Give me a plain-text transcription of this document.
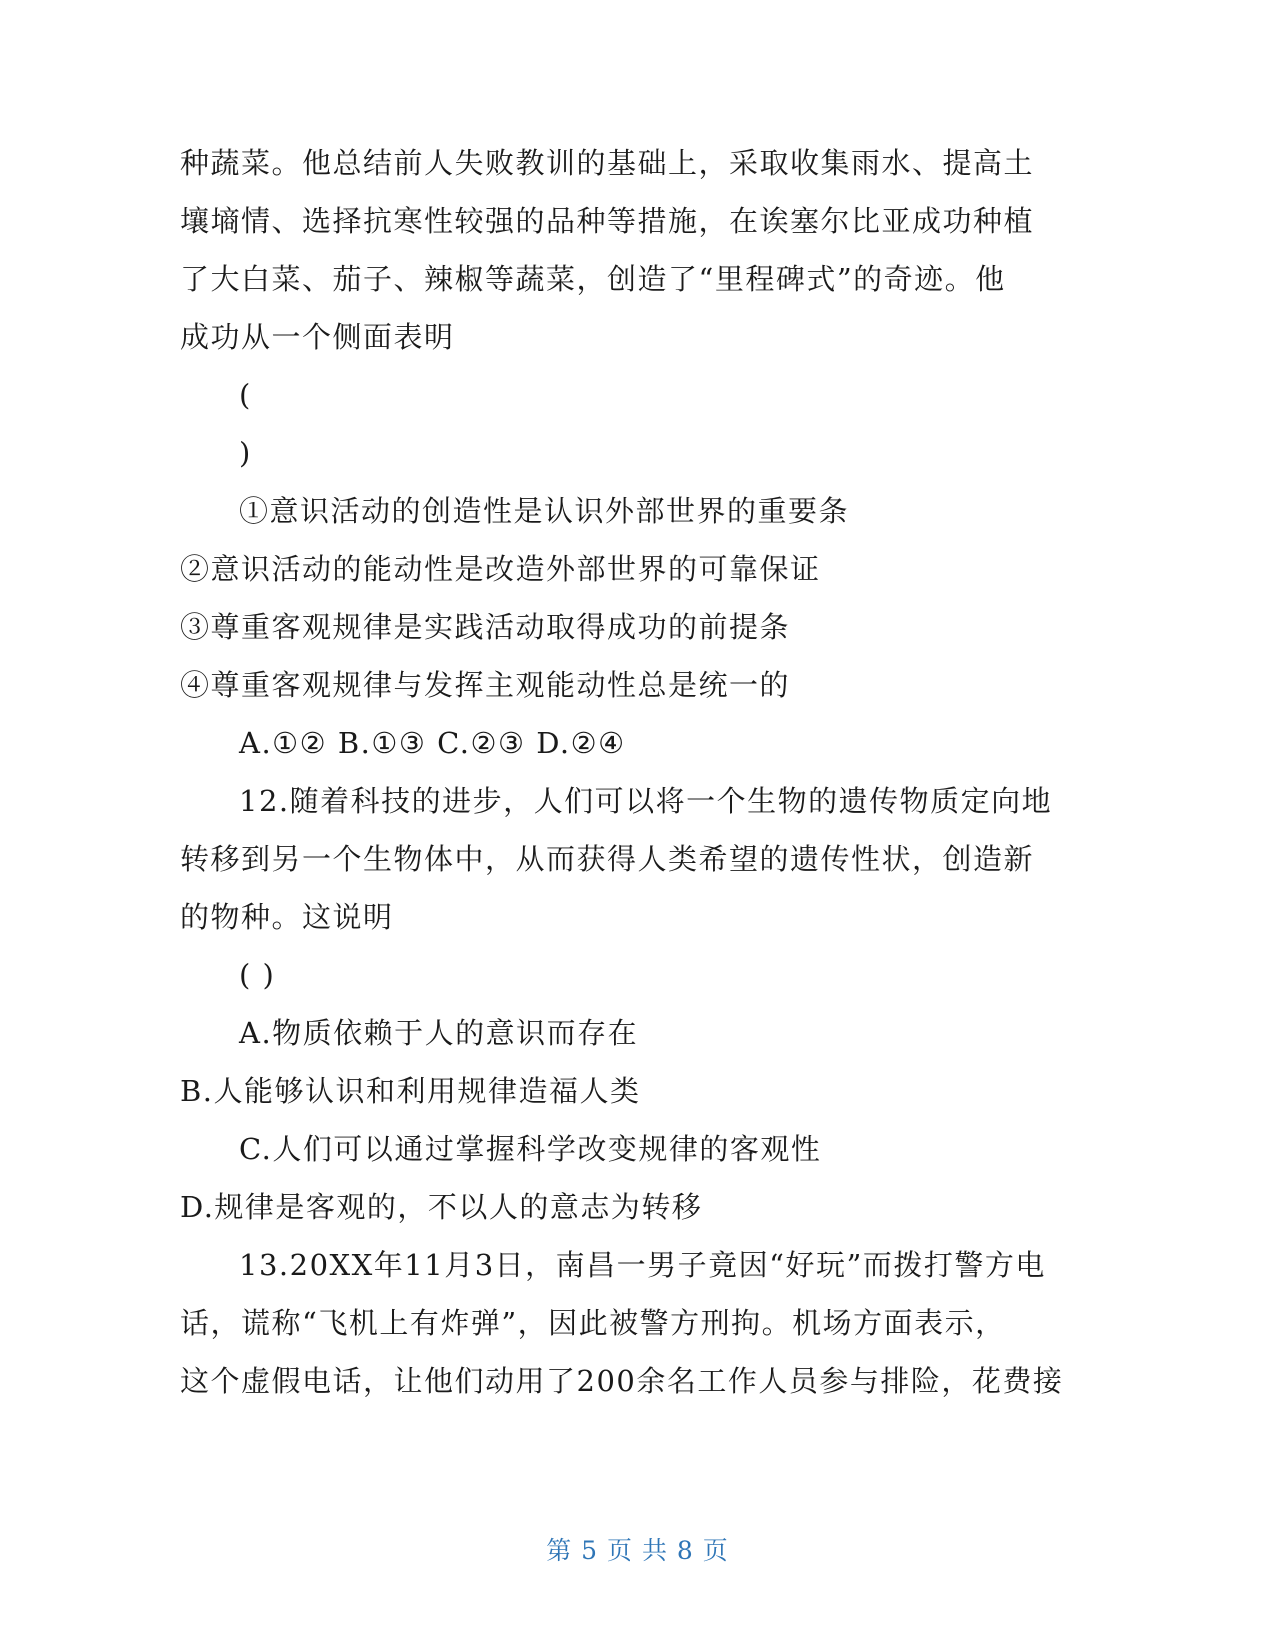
种蔬菜。他总结前人失败教训的基础上，采取收集雨水、提高土
壤墒情、选择抗寒性较强的品种等措施，在诶塞尔比亚成功种植
了大白菜、茄子、辣椒等蔬菜，创造了“里程碑式”的奇迹。他
成功从一个侧面表明
(
)
①意识活动的创造性是认识外部世界的重要条
②意识活动的能动性是改造外部世界的可靠保证
③尊重客观规律是实践活动取得成功的前提条
④尊重客观规律与发挥主观能动性总是统一的
A.①② B.①③ C.②③ D.②④
12.随着科技的进步，人们可以将一个生物的遗传物质定向地
转移到另一个生物体中，从而获得人类希望的遗传性状，创造新
的物种。这说明
( )
A.物质依赖于人的意识而存在
B.人能够认识和利用规律造福人类
C.人们可以通过掌握科学改变规律的客观性
D.规律是客观的，不以人的意志为转移
13.20XX年11月3日，南昌一男子竟因“好玩”而拨打警方电
话，谎称“飞机上有炸弹”，因此被警方刑拘。机场方面表示，
这个虚假电话，让他们动用了200余名工作人员参与排险，花费接
第 5 页 共 8 页
